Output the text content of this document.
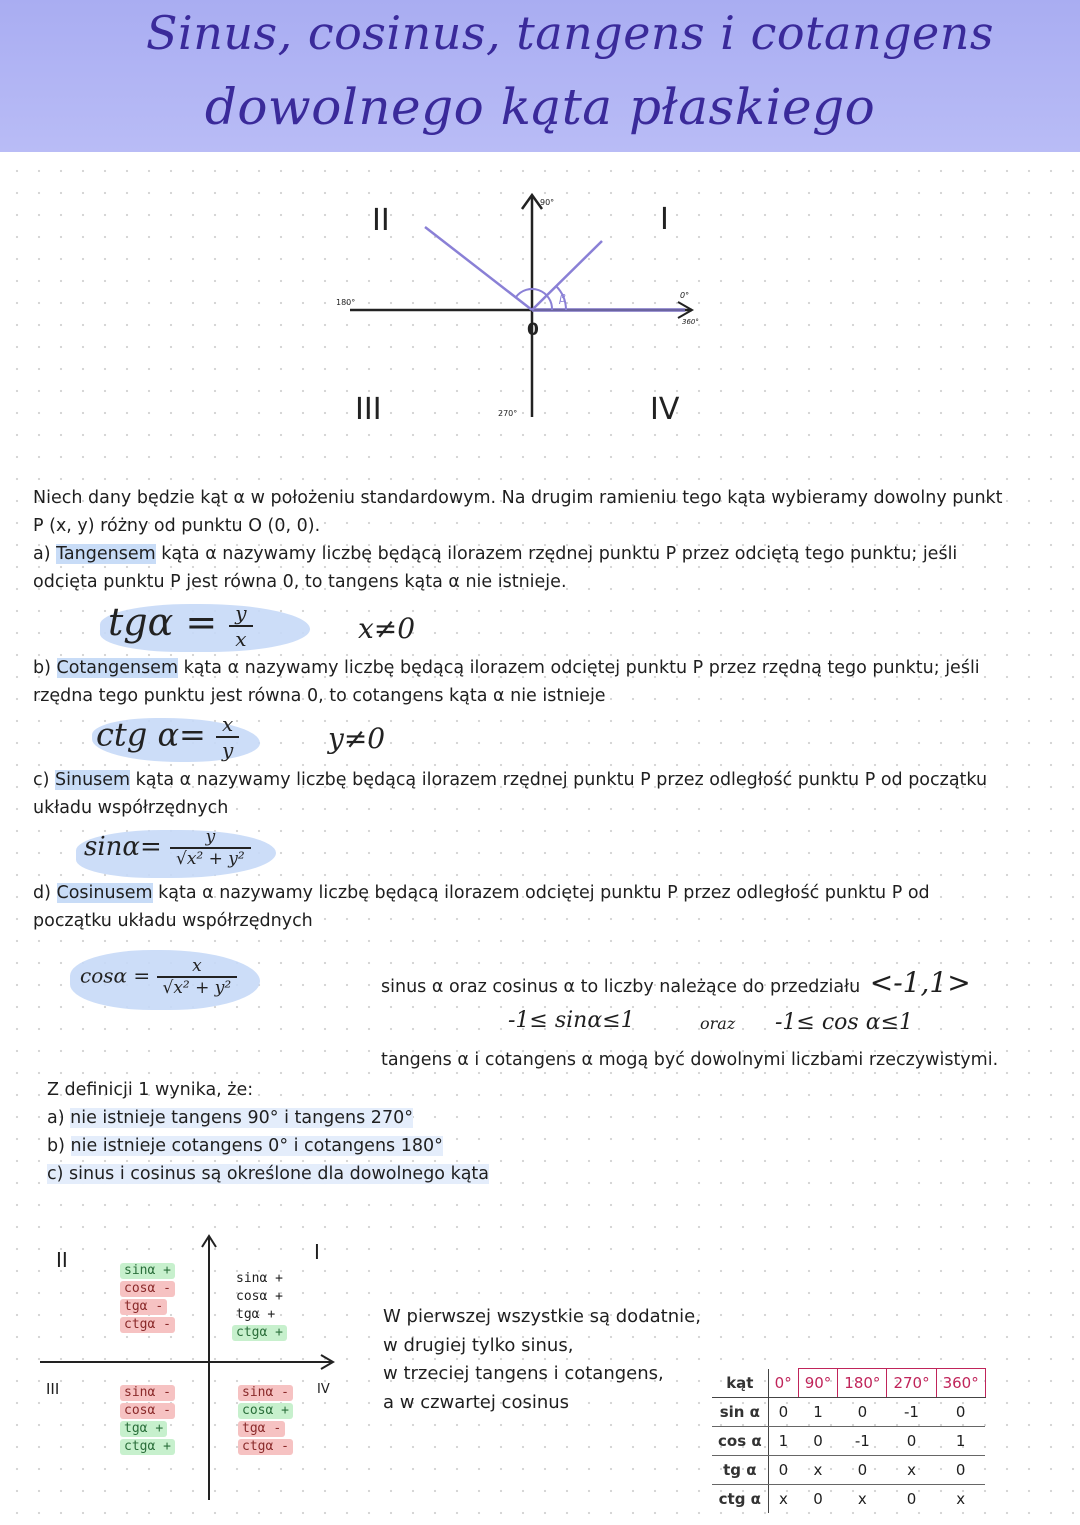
Sinus, cosinus, tangens i cotangens
dowolnego kąta płaskiego
β
0
180°
90°
0°
360°
270°
I
II
III	IV

Niech dany będzie kąt α w położeniu standardowym. Na drugim ramieniu tego kąta wybieramy dowolny punkt

P (x, y) różny od punktu O (0, 0).

a) Tangensem kąta α nazywamy liczbę będącą ilorazem rzędnej punktu P przez odciętą tego punktu; jeśli

odcięta punktu P jest równa 0, to tangens kąta α nie istnieje.

$tg\alpha = \frac{y}{x}$	x≠0

b) Cotangensem kąta α nazywamy liczbę będącą ilorazem odciętej punktu P przez rzędną tego punktu; jeśli

rzędna tego punktu jest równa 0, to cotangens kąta α nie istnieje

ctg $\alpha= \frac{x}{y}$	y≠0

c) Sinusem kąta α nazywamy liczbę będącą ilorazem rzędnej punktu P przez odległość punktu P od początku

układu współrzędnych

$\sin\alpha= \frac{y}{\text{√x² + y²}}$

d) Cosinusem kąta α nazywamy liczbę będącą ilorazem odciętej punktu P przez odległość punktu P od

początku układu współrzędnych

$\cos\alpha = \frac{x}{\text{√x² + y²}}$	sinus α oraz cosinus α to liczby należące do przedziału <-1,1>
-1≤ sinα≤1	oraz -1≤ cos α≤1
tangens α i cotangens α mogą być dowolnymi liczbami rzeczywistymi.
Z definicji 1 wynika, że:
a) nie istnieje tangens 90° i tangens 270°
b) nie istnieje cotangens 0° i cotangens 180°
c) sinus i cosinus są określone dla dowolnego kąta
II	I
III	IV
sinα +
cosα -
tgα -
ctgα -
sinα +
cosα +
tgα +
ctgα +
sinα -
cosα -
tgα +
ctgα +
sinα -
cosα +
tgα -
ctgα -
W pierwszej wszystkie są dodatnie,
w drugiej tylko sinus,
w trzeciej tangens i cotangens,
a w czwartej cosinus
kąt	0°	90°	180°	270°	360°
sin α	0	1	0	-1	0
cos α	1	0	-1	0	1
tg α	0	x	0	x	0
ctg α	x	0	x	0	x
